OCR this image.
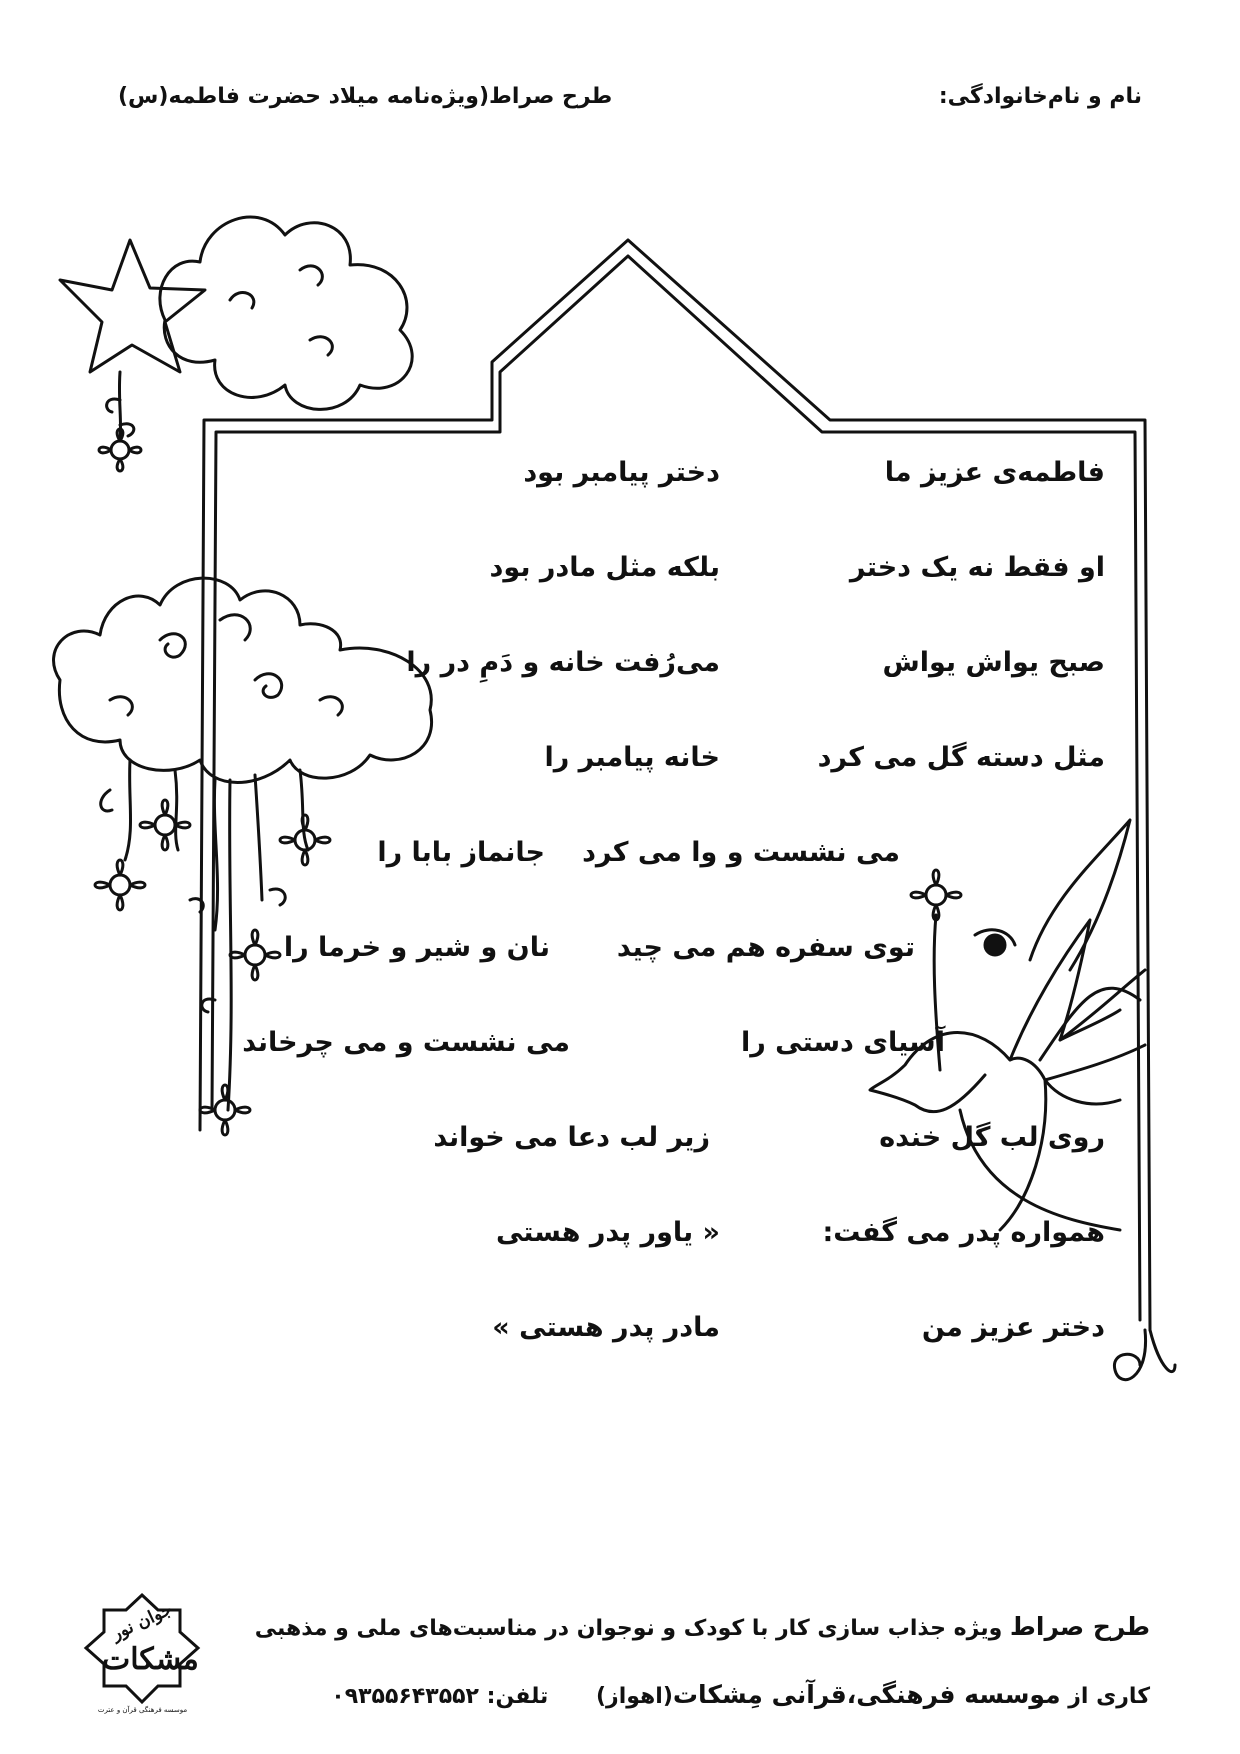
نام و نام‌خانوادگی:
طرح صراط(ویژه‌نامه میلاد حضرت فاطمه(س)
فاطمه‌ی عزیز ما
دختر پیامبر بود
او فقط نه یک دختر
بلکه مثل مادر بود
صبح یواش یواش
می‌رُفت خانه و دَمِ در را
مثل دسته گل می کرد
خانه پیامبر را
می نشست و وا می کرد
جانماز بابا را
توی سفره هم می چید
نان و شیر و خرما را
آسیای دستی را
می نشست و می چرخاند
روی لب گل خنده
زیر لب دعا می خواند
همواره پدر می گفت:
« یاور پدر هستی
دختر عزیز من
مادر پدر هستی »
جوان نور
مشکات
موسسه فرهنگی قرآن و عترت
طرح صراط ویژه جذاب سازی کار با کودک و نوجوان در مناسبت‌های ملی و مذهبی
کاری از موسسه فرهنگی،قرآنی مِشکات(اهواز) تلفن: ۰۹۳۵۵۶۴۳۵۵۲
